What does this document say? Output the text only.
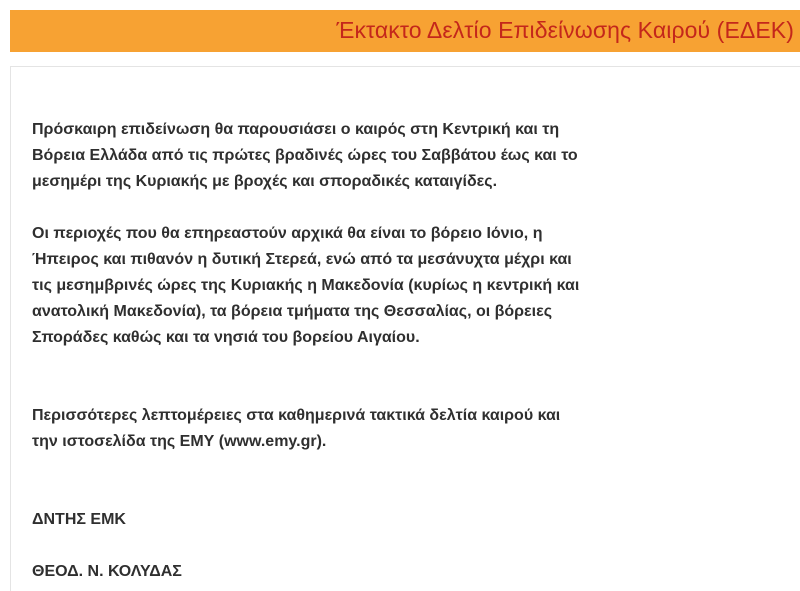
Έκτακτο Δελτίο Επιδείνωσης Καιρού (ΕΔΕΚ)

Πρόσκαιρη επιδείνωση θα παρουσιάσει ο καιρός στη Κεντρική και τη
Βόρεια Ελλάδα από τις πρώτες βραδινές ώρες του Σαββάτου έως και το
μεσημέρι της Κυριακής με βροχές και σποραδικές καταιγίδες.

Οι περιοχές που θα επηρεαστούν αρχικά θα είναι το βόρειο Ιόνιο, η
Ήπειρος και πιθανόν η δυτική Στερεά, ενώ από τα μεσάνυχτα μέχρι και
τις μεσημβρινές ώρες της Κυριακής η Μακεδονία (κυρίως η κεντρική και
ανατολική Μακεδονία), τα βόρεια τμήματα της Θεσσαλίας, οι βόρειες
Σποράδες καθώς και τα νησιά του βορείου Αιγαίου.

Περισσότερες λεπτομέρειες στα καθημερινά τακτικά δελτία καιρού και
την ιστοσελίδα της ΕΜΥ (www.emy.gr).

ΔΝΤΗΣ ΕΜΚ

ΘΕΟΔ. Ν. ΚΟΛΥΔΑΣ
